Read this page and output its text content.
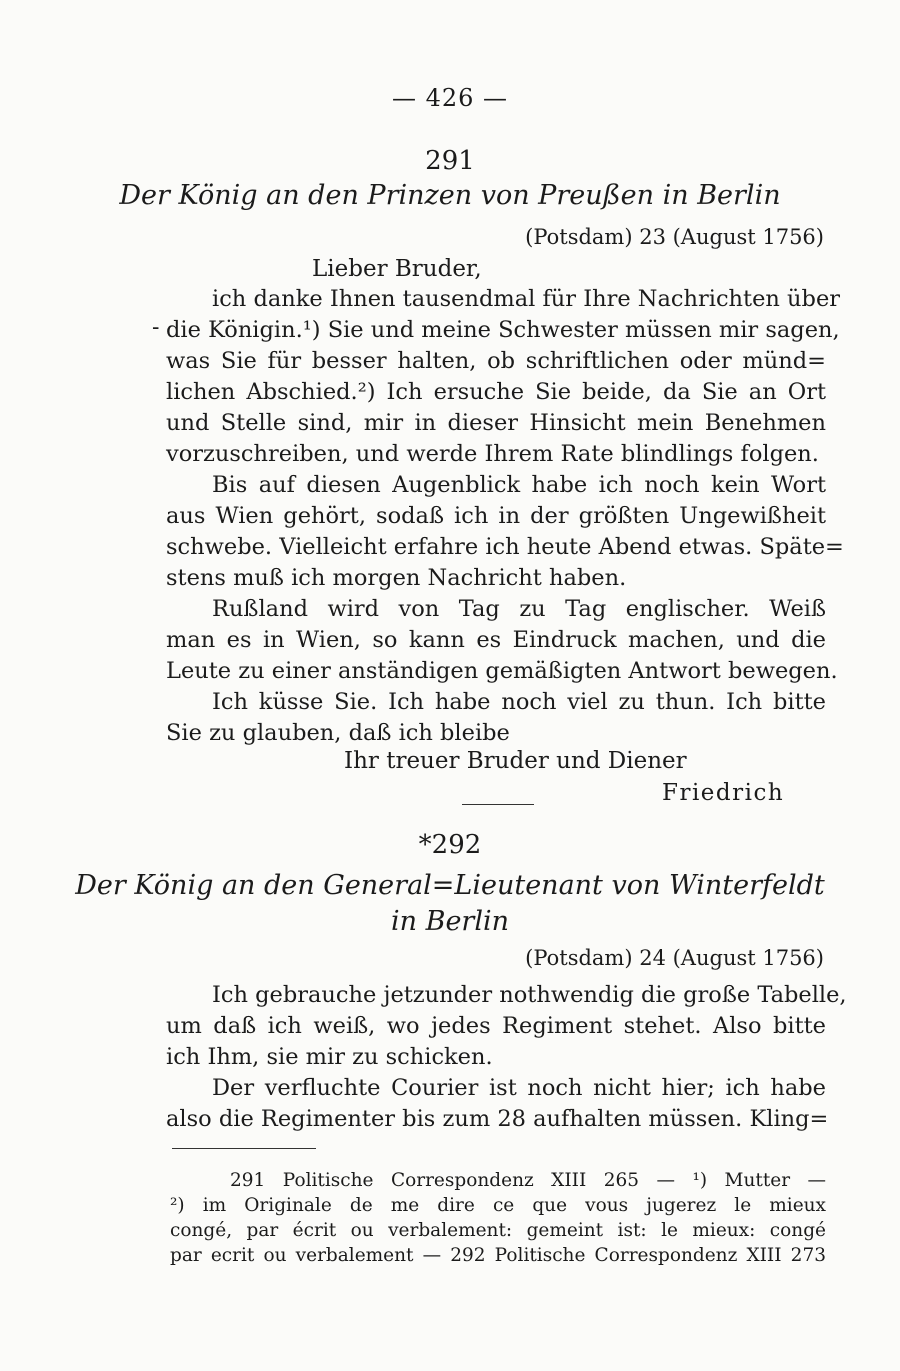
— 426 —
291
Der König an den Prinzen von Preußen in Berlin
(Potsdam) 23 (August 1756)
Lieber Bruder,
ich danke Ihnen tausendmal für Ihre Nachrichten über
- die Königin.¹) Sie und meine Schwester müssen mir sagen,
was Sie für besser halten, ob schriftlichen oder münd=
lichen Abschied.²) Ich ersuche Sie beide, da Sie an Ort
und Stelle sind, mir in dieser Hinsicht mein Benehmen
vorzuschreiben, und werde Ihrem Rate blindlings folgen.
Bis auf diesen Augenblick habe ich noch kein Wort
aus Wien gehört, sodaß ich in der größten Ungewißheit
schwebe. Vielleicht erfahre ich heute Abend etwas. Späte=
stens muß ich morgen Nachricht haben.
Rußland wird von Tag zu Tag englischer. Weiß
man es in Wien, so kann es Eindruck machen, und die
Leute zu einer anständigen gemäßigten Antwort bewegen.
Ich küsse Sie. Ich habe noch viel zu thun. Ich bitte
Sie zu glauben, daß ich bleibe
Ihr treuer Bruder und Diener
Friedrich
*292
Der König an den General=Lieutenant von Winterfeldt
in Berlin
(Potsdam) 24 (August 1756)
Ich gebrauche jetzunder nothwendig die große Tabelle,
um daß ich weiß, wo jedes Regiment stehet. Also bitte
ich Ihm, sie mir zu schicken.
Der verfluchte Courier ist noch nicht hier; ich habe
also die Regimenter bis zum 28 aufhalten müssen. Kling=
291 Politische Correspondenz XIII 265 — ¹) Mutter —
²) im Originale de me dire ce que vous jugerez le mieux
congé, par écrit ou verbalement: gemeint ist: le mieux: congé
par ecrit ou verbalement — 292 Politische Correspondenz XIII 273
